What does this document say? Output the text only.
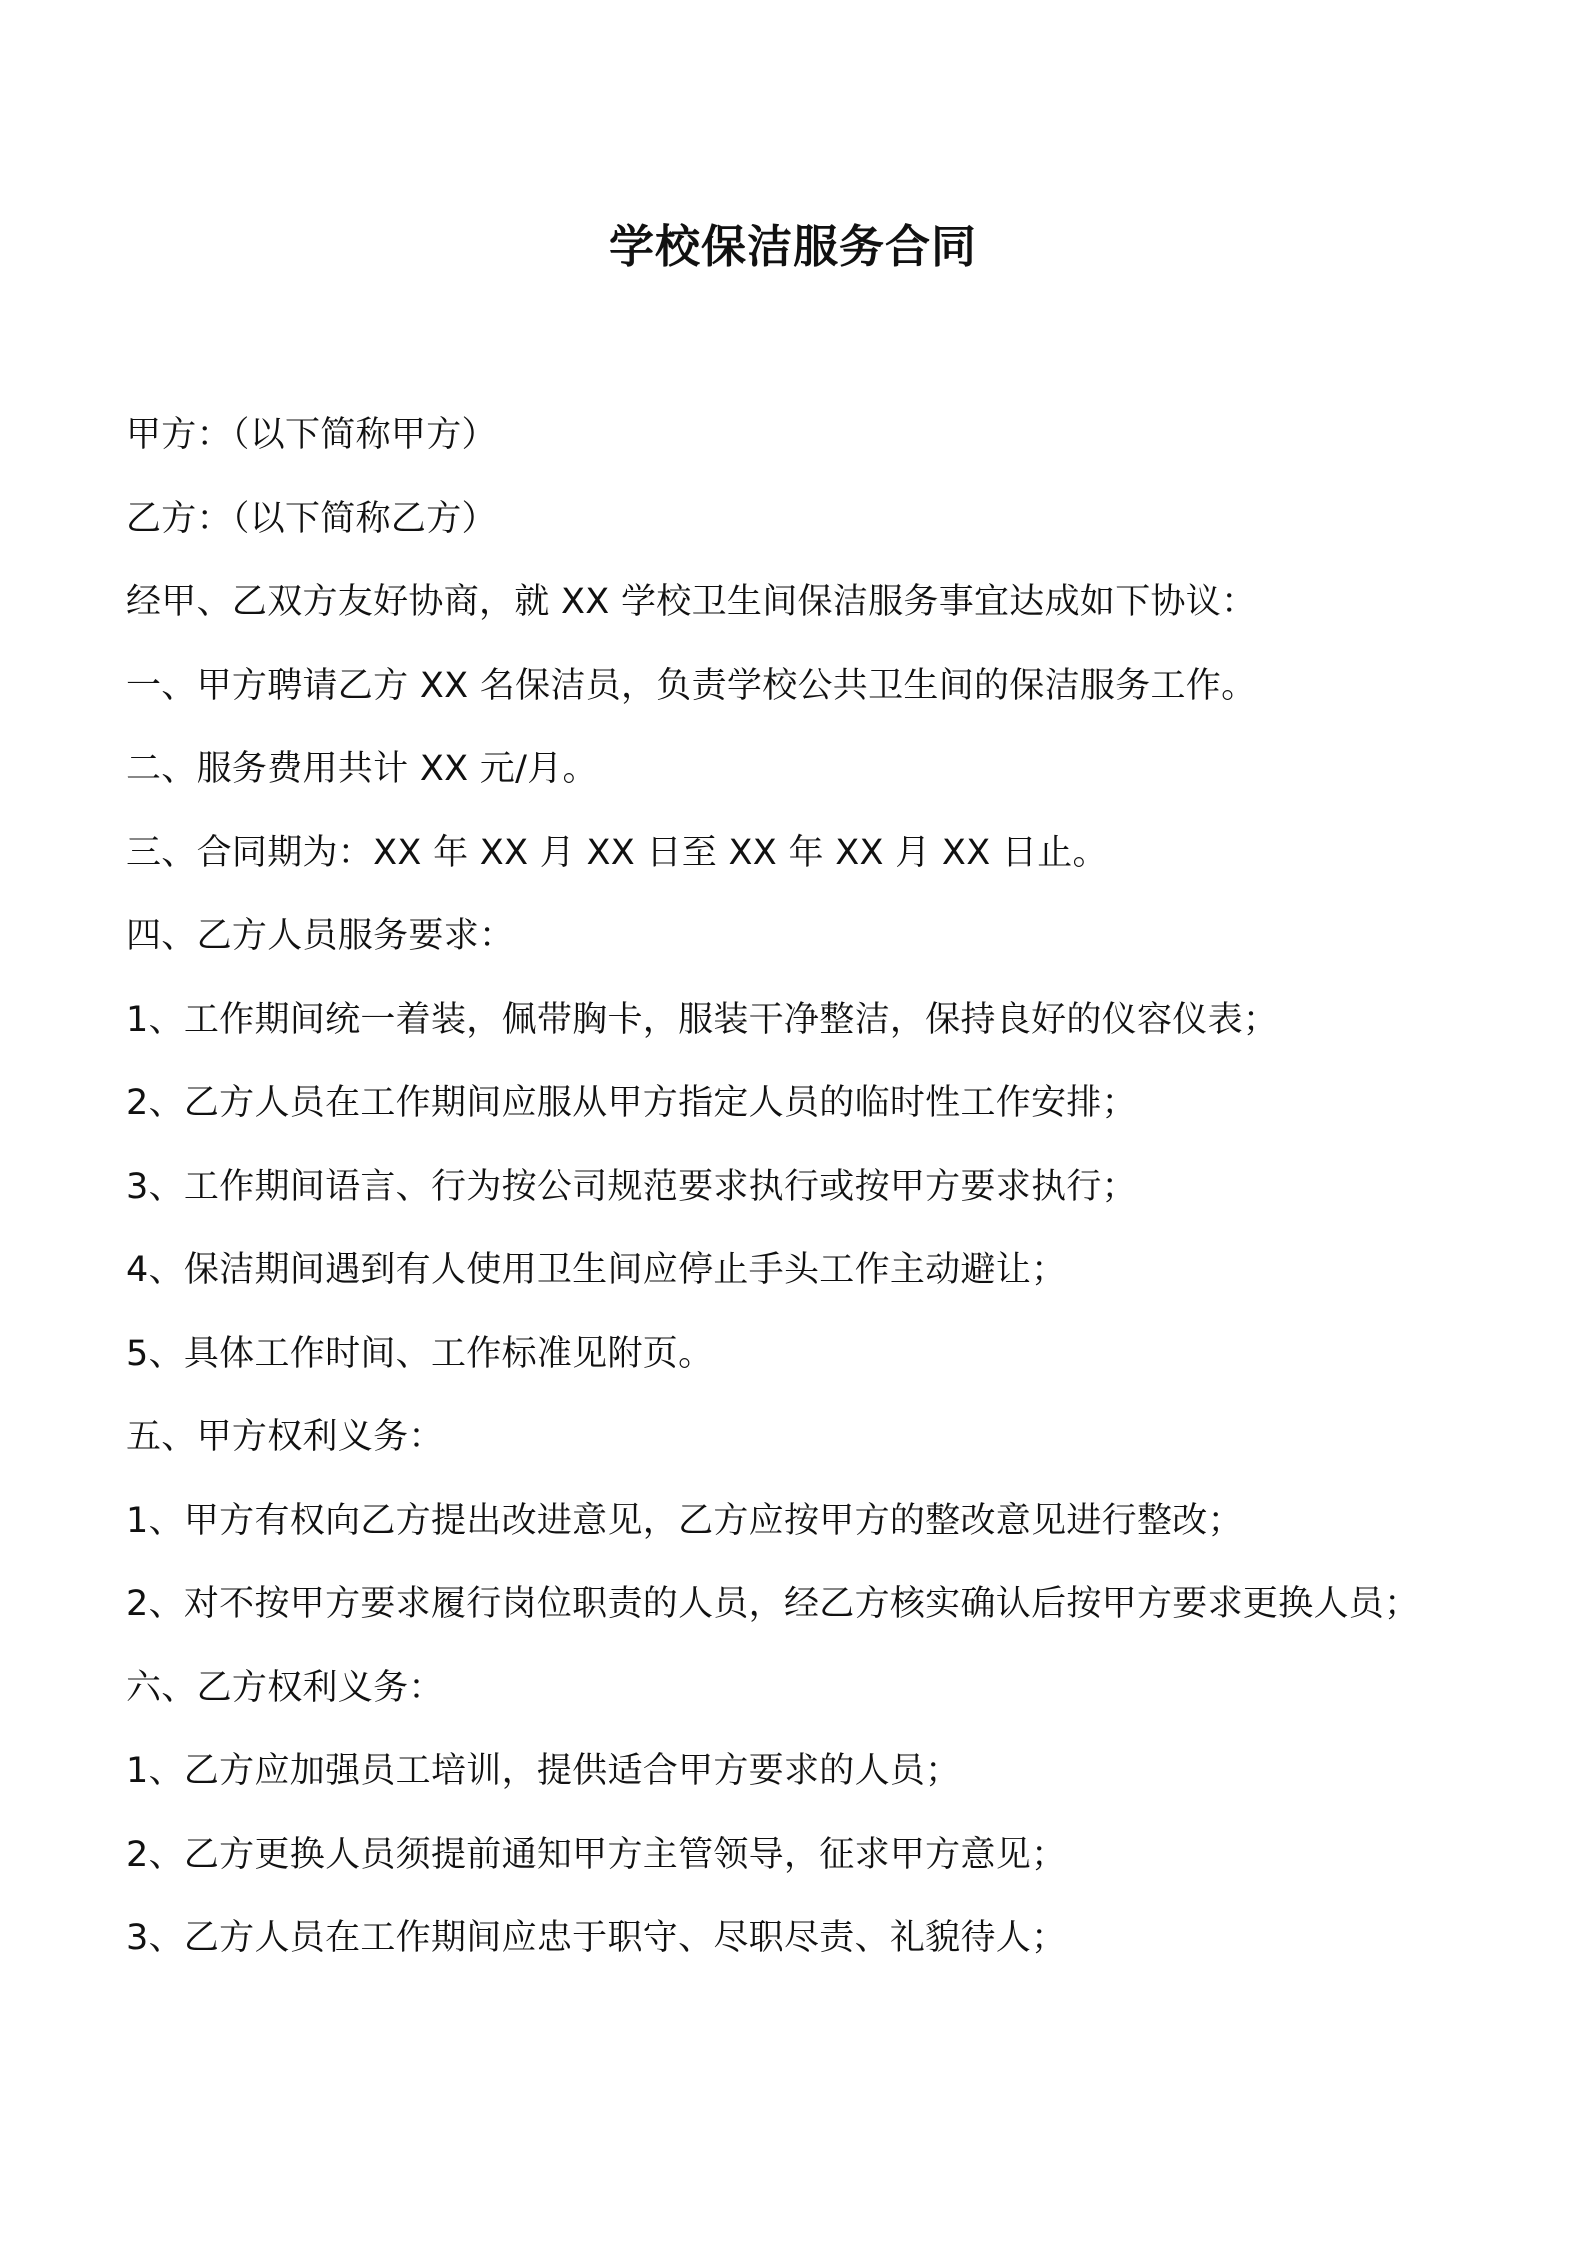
学校保洁服务合同
甲方：（以下简称甲方）
乙方：（以下简称乙方）
经甲、乙双方友好协商，就 XX 学校卫生间保洁服务事宜达成如下协议：
一、甲方聘请乙方 XX 名保洁员，负责学校公共卫生间的保洁服务工作。
二、服务费用共计 XX 元/月。
三、合同期为：XX 年 XX 月 XX 日至 XX 年 XX 月 XX 日止。
四、乙方人员服务要求：
1、工作期间统一着装，佩带胸卡，服装干净整洁，保持良好的仪容仪表；
2、乙方人员在工作期间应服从甲方指定人员的临时性工作安排；
3、工作期间语言、行为按公司规范要求执行或按甲方要求执行；
4、保洁期间遇到有人使用卫生间应停止手头工作主动避让；
5、具体工作时间、工作标准见附页。
五、甲方权利义务：
1、甲方有权向乙方提出改进意见，乙方应按甲方的整改意见进行整改；
2、对不按甲方要求履行岗位职责的人员，经乙方核实确认后按甲方要求更换人员；
六、乙方权利义务：
1、乙方应加强员工培训，提供适合甲方要求的人员；
2、乙方更换人员须提前通知甲方主管领导，征求甲方意见；
3、乙方人员在工作期间应忠于职守、尽职尽责、礼貌待人；
